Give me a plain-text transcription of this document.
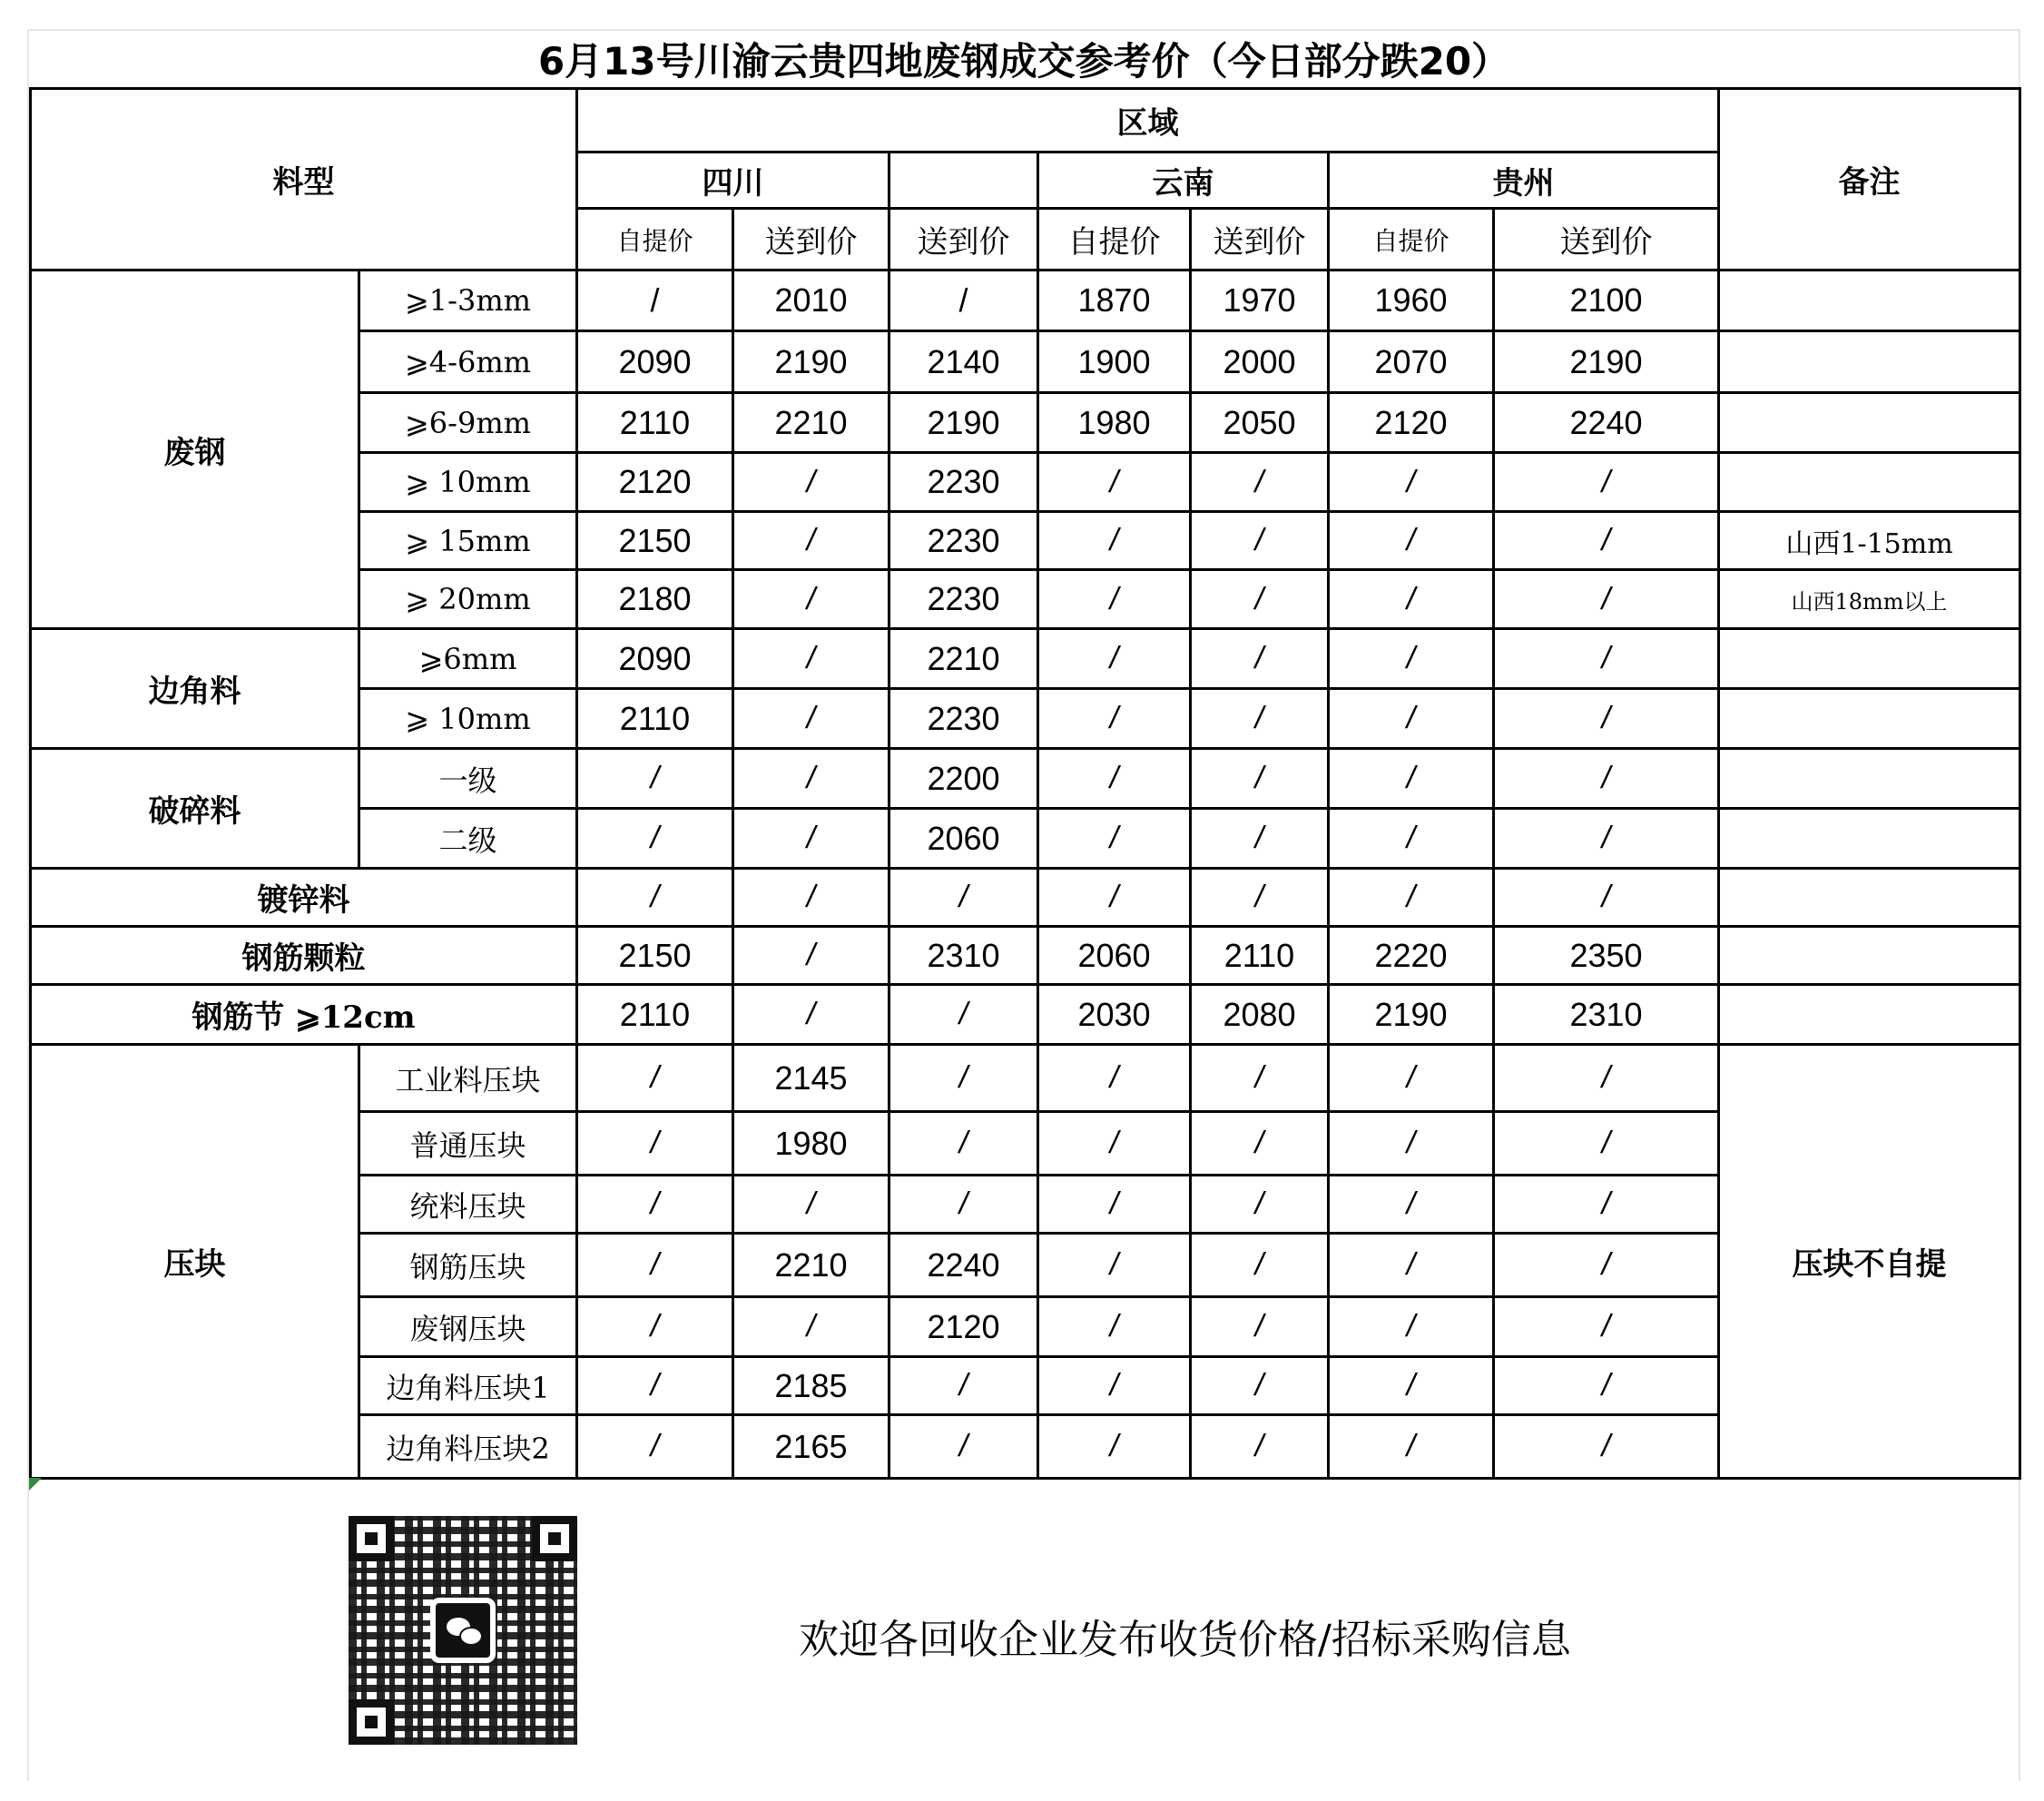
6月13号川渝云贵四地废钢成交参考价（今日部分跌20）
料型		区域							备注
		四川			云南		贵州		
		自提价	送到价	送到价	自提价	送到价	自提价	送到价	
废钢	⩾1-3mm	/	2010	/	1870	1970	1960	2100	
	⩾4-6mm	2090	2190	2140	1900	2000	2070	2190	
	⩾6-9mm	2110	2210	2190	1980	2050	2120	2240	
	⩾ 10mm	2120	/	2230	/	/	/	/	
	⩾ 15mm	2150	/	2230	/	/	/	/	山西1-15mm
	⩾ 20mm	2180	/	2230	/	/	/	/	山西18mm以上
边角料	⩾6mm	2090	/	2210	/	/	/	/	
	⩾ 10mm	2110	/	2230	/	/	/	/	
破碎料	一级	/	/	2200	/	/	/	/	
	二级	/	/	2060	/	/	/	/	
镀锌料		/	/	/	/	/	/	/	
钢筋颗粒		2150	/	2310	2060	2110	2220	2350	
钢筋节 ⩾12cm		2110	/	/	2030	2080	2190	2310	
压块	工业料压块	/	2145	/	/	/	/	/	压块不自提
	普通压块	/	1980	/	/	/	/	/	
	统料压块	/	/	/	/	/	/	/	
	钢筋压块	/	2210	2240	/	/	/	/	
	废钢压块	/	/	2120	/	/	/	/	
	边角料压块1	/	2185	/	/	/	/	/	
	边角料压块2	/	2165	/	/	/	/	/	
欢迎各回收企业发布收货价格/招标采购信息
